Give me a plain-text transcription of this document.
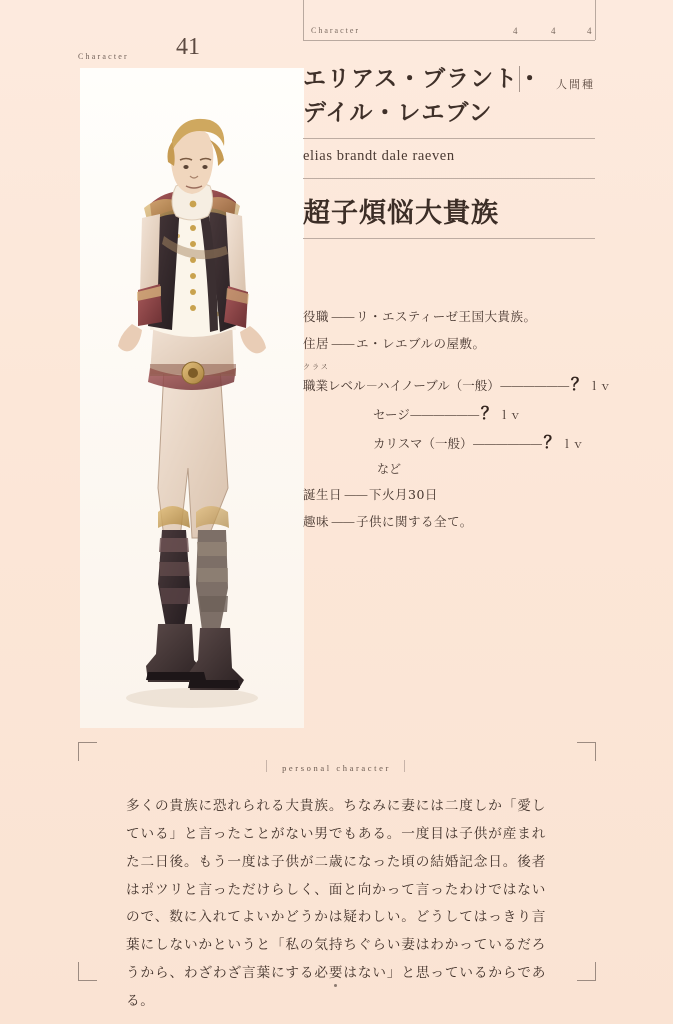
Character	4	4	4
Character 41
人間種
エリアス・ブラント・
デイル・レエブン
elias brandt dale raeven
超子煩悩大貴族
役職 —— リ・エスティーゼ王国大貴族。
住居 —— エ・レエブルの屋敷。
クラス
職業レベル － ハイノーブル（一般） —————— ？ ｌｖ
セージ —————— ？ ｌｖ
カリスマ（一般） —————— ？ ｌｖ
など
誕生日 —— 下火月30日
趣味 —— 子供に関する全て。
personal character
多くの貴族に恐れられる大貴族。ちなみに妻には二度しか「愛している」と言ったことがない男でもある。一度目は子供が産まれた二日後。もう一度は子供が二歳になった頃の結婚記念日。後者はポツリと言っただけらしく、面と向かって言ったわけではないので、数に入れてよいかどうかは疑わしい。どうしてはっきり言葉にしないかというと「私の気持ちぐらい妻はわかっているだろうから、わざわざ言葉にする必要はない」と思っているからである。
